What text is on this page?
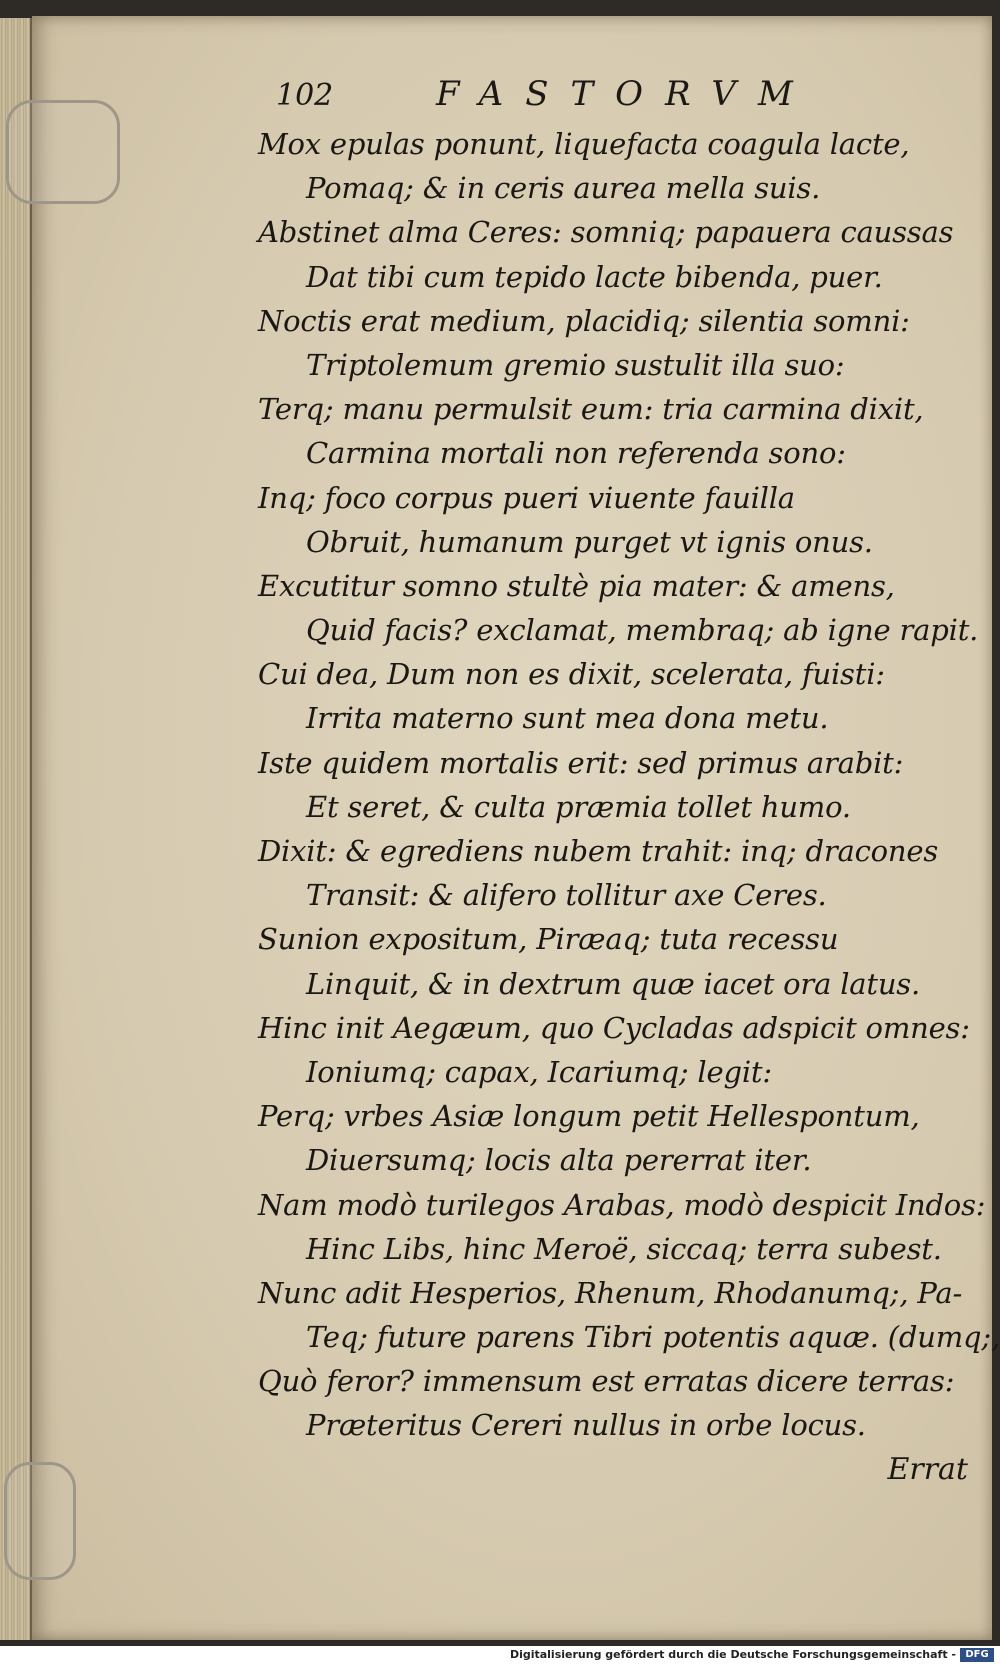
102	FASTORVM
Mox epulas ponunt, liquefacta coagula lacte,
Pomaq; & in ceris aurea mella suis.
Abstinet alma Ceres: somniq; papauera caussas
Dat tibi cum tepido lacte bibenda, puer.
Noctis erat medium, placidiq; silentia somni:
Triptolemum gremio sustulit illa suo:
Terq; manu permulsit eum: tria carmina dixit,
Carmina mortali non referenda sono:
Inq; foco corpus pueri viuente fauilla
Obruit, humanum purget vt ignis onus.
Excutitur somno stultè pia mater: & amens,
Quid facis? exclamat, membraq; ab igne rapit.
Cui dea, Dum non es dixit, scelerata, fuisti:
Irrita materno sunt mea dona metu.
Iste quidem mortalis erit: sed primus arabit:
Et seret, & culta præmia tollet humo.
Dixit: & egrediens nubem trahit: inq; dracones
Transit: & alifero tollitur axe Ceres.
Sunion expositum, Piræaq; tuta recessu
Linquit, & in dextrum quæ iacet ora latus.
Hinc init Aegæum, quo Cycladas adspicit omnes:
Ioniumq; capax, Icariumq; legit:
Perq; vrbes Asiæ longum petit Hellespontum,
Diuersumq; locis alta pererrat iter.
Nam modò turilegos Arabas, modò despicit Indos:
Hinc Libs, hinc Meroë, siccaq; terra subest.
Nunc adit Hesperios, Rhenum, Rhodanumq;, Pa-
Teq; future parens Tibri potentis aquæ. (dumq;,
Quò feror? immensum est erratas dicere terras:
Præteritus Cereri nullus in orbe locus.
Errat
Digitalisierung gefördert durch die Deutsche Forschungsgemeinschaft - DFG
